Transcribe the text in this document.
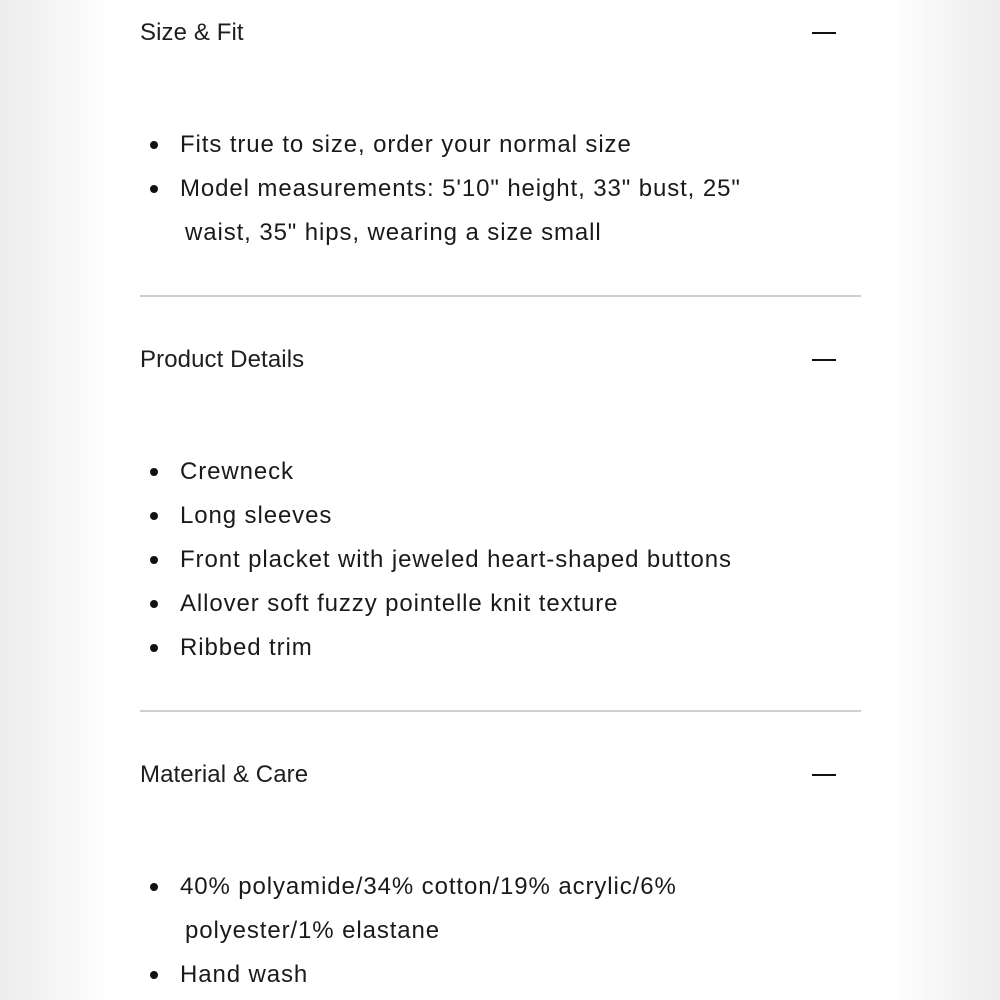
Size & Fit
Fits true to size, order your normal size
Model measurements: 5'10" height, 33" bust, 25"
waist, 35" hips, wearing a size small
Product Details
Crewneck
Long sleeves
Front placket with jeweled heart-shaped buttons
Allover soft fuzzy pointelle knit texture
Ribbed trim
Material & Care
40% polyamide/34% cotton/19% acrylic/6%
polyester/1% elastane
Hand wash
